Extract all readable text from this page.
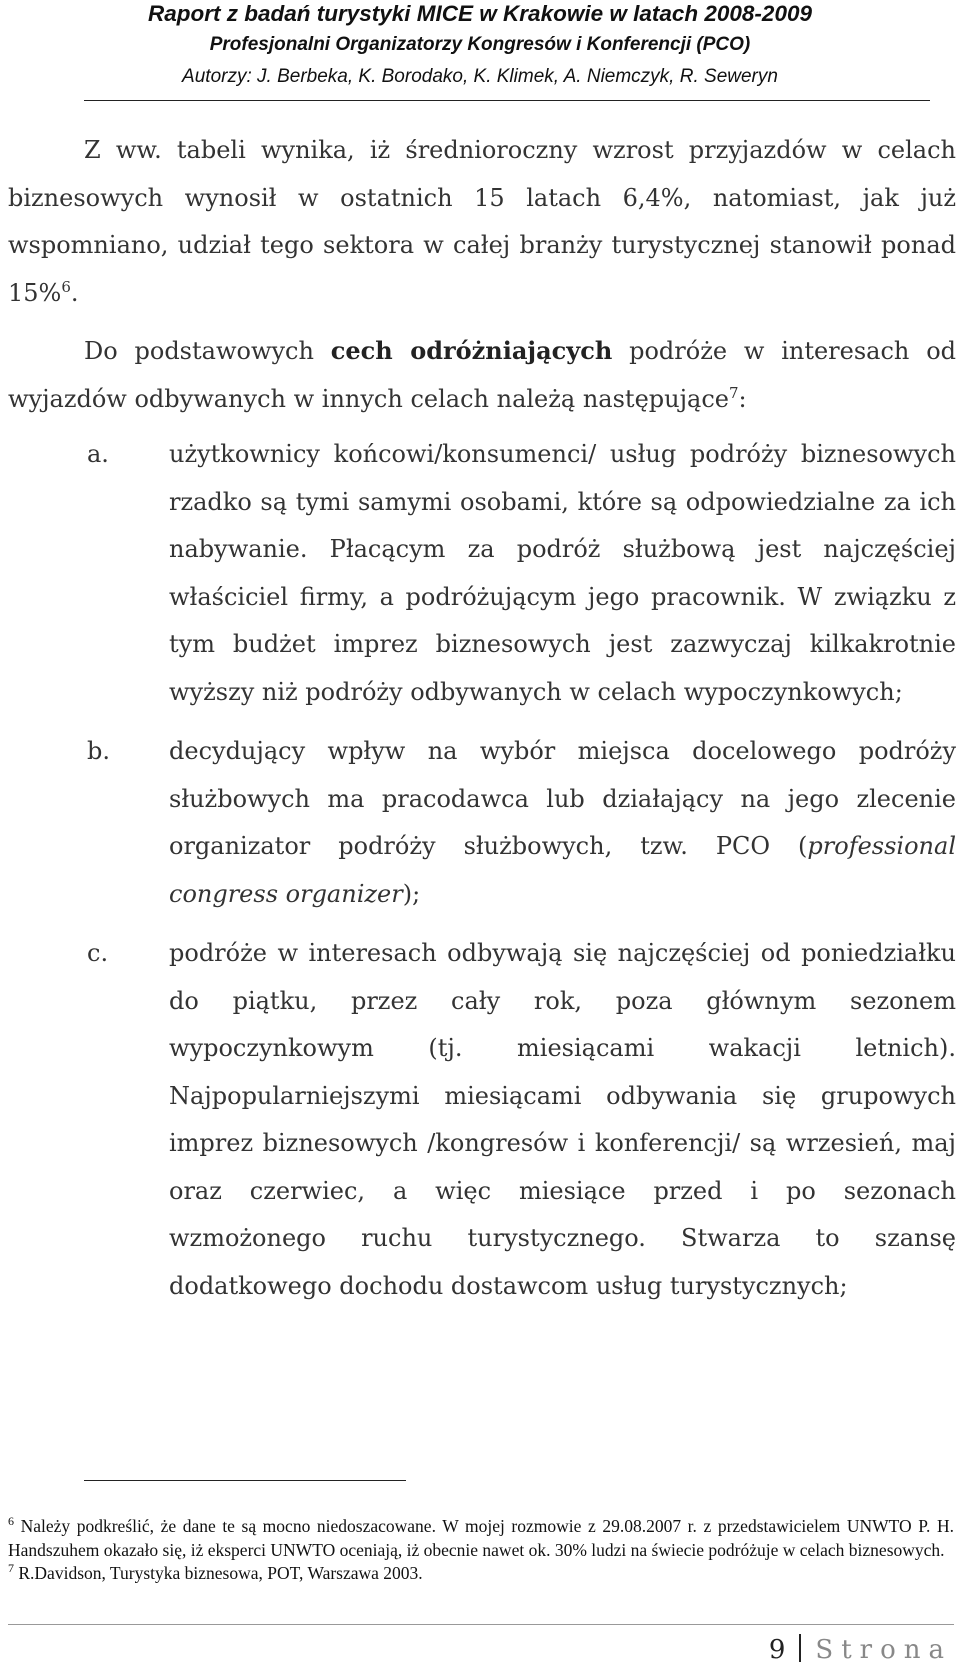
Raport z badań turystyki MICE w Krakowie w latach 2008-2009
Profesjonalni Organizatorzy Kongresów i Konferencji (PCO)
Autorzy: J. Berbeka, K. Borodako, K. Klimek, A. Niemczyk, R. Seweryn

Z ww. tabeli wynika, iż średnioroczny wzrost przyjazdów w celach biznesowych wynosił w ostatnich 15 latach 6,4%, natomiast, jak już wspomniano, udział tego sektora w całej branży turystycznej stanowił ponad 15%$^6$.

Do podstawowych cech odróżniających podróże w interesach od wyjazdów odbywanych w innych celach należą następujące$^7$:

a.	użytkownicy końcowi/konsumenci/ usług podróży biznesowych rzadko są tymi samymi osobami, które są odpowiedzialne za ich nabywanie. Płacącym za podróż służbową jest najczęściej właściciel firmy, a podróżującym jego pracownik. W związku z tym budżet imprez biznesowych jest zazwyczaj kilkakrotnie wyższy niż podróży odbywanych w celach wypoczynkowych;
b. decydujący wpływ na wybór miejsca docelowego podróży służbowych ma pracodawca lub działający na jego zlecenie organizator podróży służbowych, tzw. PCO (professional congress organizer);
c.	podróże w interesach odbywają się najczęściej od poniedziałku do piątku, przez cały rok, poza głównym sezonem wypoczynkowym (tj. miesiącami wakacji letnich). Najpopularniejszymi miesiącami odbywania się grupowych imprez biznesowych /kongresów i konferencji/ są wrzesień, maj oraz czerwiec, a więc miesiące przed i po sezonach wzmożonego ruchu turystycznego. Stwarza to szansę dodatkowego dochodu dostawcom usług turystycznych;

$^6$ Należy podkreślić, że dane te są mocno niedoszacowane. W mojej rozmowie z 29.08.2007 r. z przedstawicielem UNWTO P. H. Handszuhem okazało się, iż eksperci UNWTO oceniają, iż obecnie nawet ok. 30% ludzi na świecie podróżuje w celach biznesowych.

$^7$ R.Davidson, Turystyka biznesowa, POT, Warszawa 2003.

9 Strona
